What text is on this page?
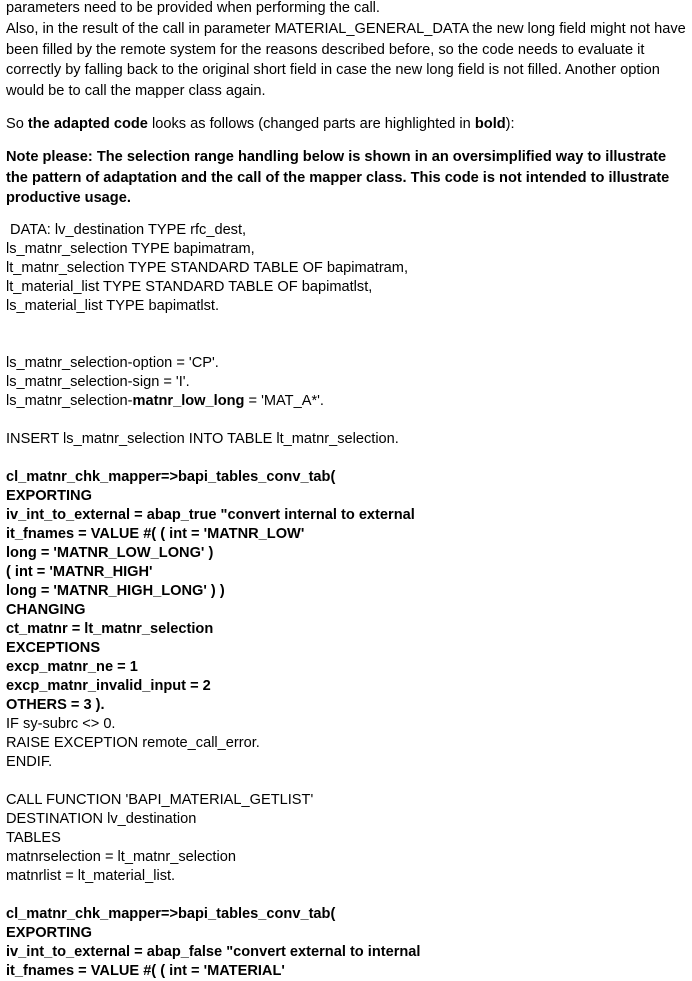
parameters need to be provided when performing the call.

Also, in the result of the call in parameter MATERIAL_GENERAL_DATA the new long field might not have been filled by the remote system for the reasons described before, so the code needs to evaluate it correctly by falling back to the original short field in case the new long field is not filled. Another option would be to call the mapper class again.

So the adapted code looks as follows (changed parts are highlighted in bold):

Note please: The selection range handling below is shown in an oversimplified way to illustrate the pattern of adaptation and the call of the mapper class. This code is not intended to illustrate productive usage.

DATA: lv_destination TYPE rfc_dest,
ls_matnr_selection TYPE bapimatram,
lt_matnr_selection TYPE STANDARD TABLE OF bapimatram,
lt_material_list TYPE STANDARD TABLE OF bapimatlst,
ls_material_list TYPE bapimatlst.
ls_matnr_selection-option = 'CP'.
ls_matnr_selection-sign = 'I'.
ls_matnr_selection-matnr_low_long = 'MAT_A*'.
INSERT ls_matnr_selection INTO TABLE lt_matnr_selection.
cl_matnr_chk_mapper=>bapi_tables_conv_tab(
EXPORTING
iv_int_to_external = abap_true "convert internal to external
it_fnames = VALUE #( ( int = 'MATNR_LOW'
long = 'MATNR_LOW_LONG' )
( int = 'MATNR_HIGH'
long = 'MATNR_HIGH_LONG' ) )
CHANGING
ct_matnr = lt_matnr_selection
EXCEPTIONS
excp_matnr_ne = 1
excp_matnr_invalid_input = 2
OTHERS = 3 ).
IF sy-subrc <> 0.
RAISE EXCEPTION remote_call_error.
ENDIF.
CALL FUNCTION 'BAPI_MATERIAL_GETLIST'
DESTINATION lv_destination
TABLES
matnrselection = lt_matnr_selection
matnrlist = lt_material_list.
cl_matnr_chk_mapper=>bapi_tables_conv_tab(
EXPORTING
iv_int_to_external = abap_false "convert external to internal
it_fnames = VALUE #( ( int = 'MATERIAL'
